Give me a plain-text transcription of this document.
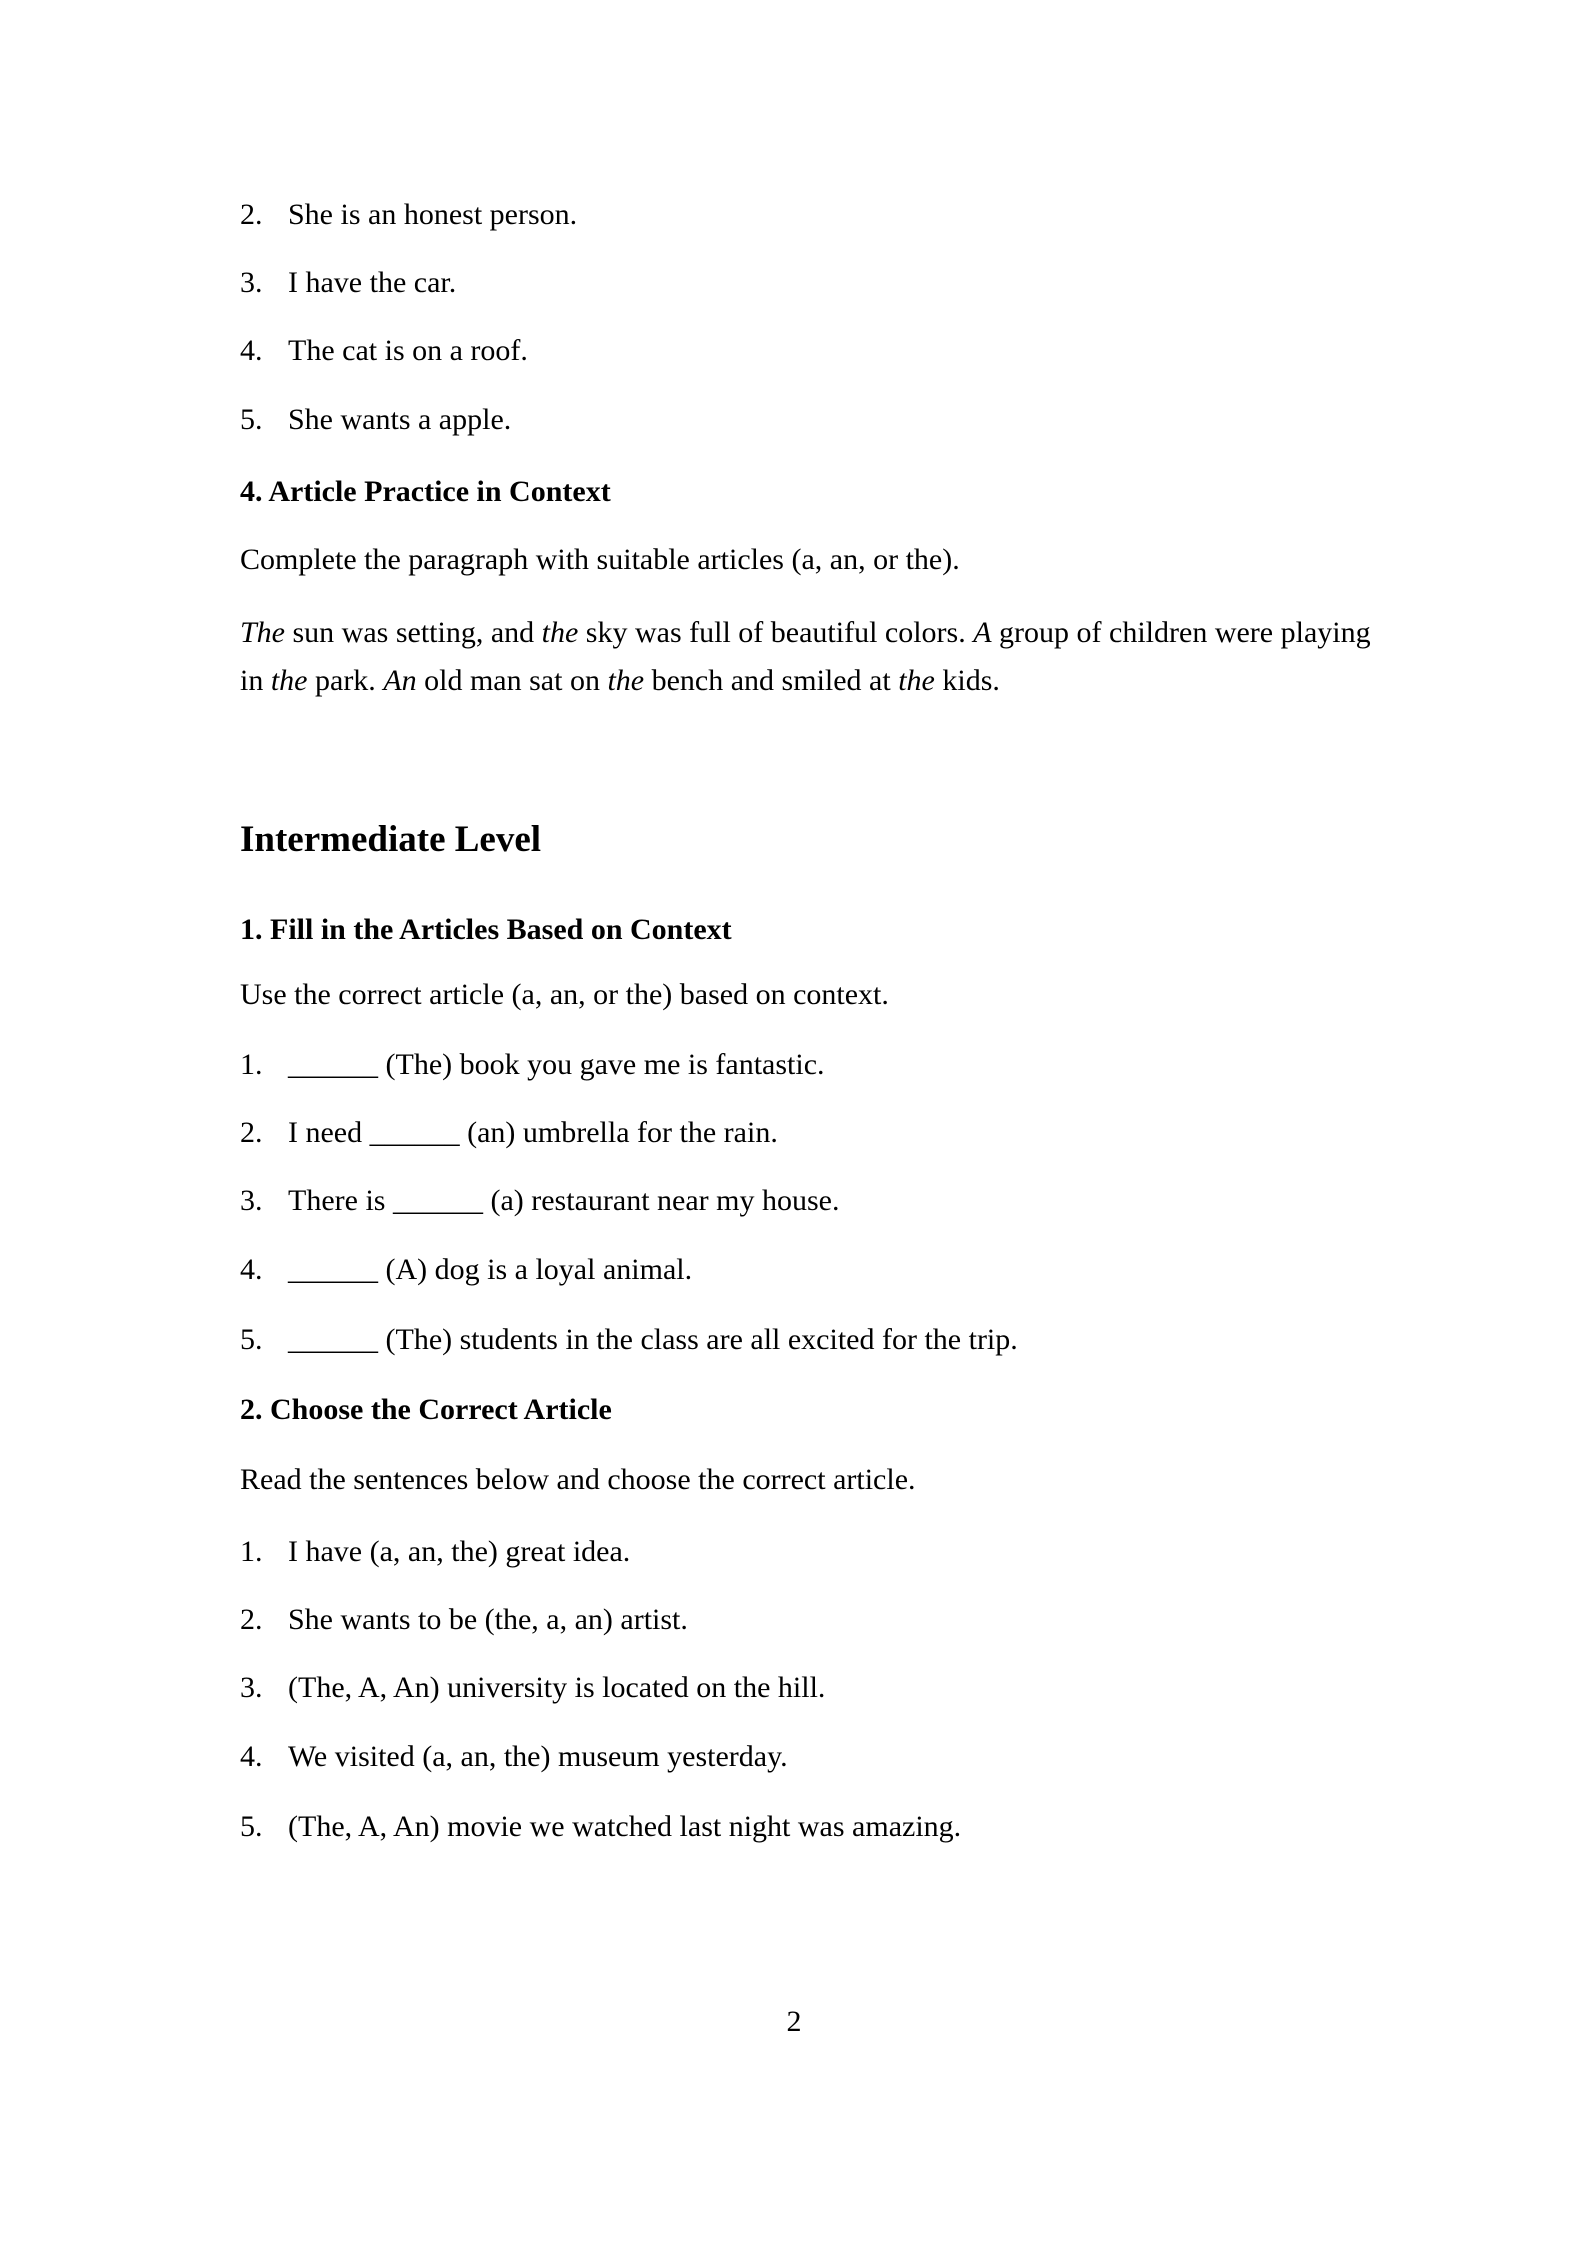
2. She is an honest person.
3. I have the car.
4. The cat is on a roof.
5. She wants a apple.
4. Article Practice in Context
Complete the paragraph with suitable articles (a, an, or the).
The sun was setting, and the sky was full of beautiful colors. A group of children were playing
in the park. An old man sat on the bench and smiled at the kids.
Intermediate Level
1. Fill in the Articles Based on Context
Use the correct article (a, an, or the) based on context.
1. ______ (The) book you gave me is fantastic.
2. I need ______ (an) umbrella for the rain.
3. There is ______ (a) restaurant near my house.
4. ______ (A) dog is a loyal animal.
5. ______ (The) students in the class are all excited for the trip.
2. Choose the Correct Article
Read the sentences below and choose the correct article.
1. I have (a, an, the) great idea.
2. She wants to be (the, a, an) artist.
3. (The, A, An) university is located on the hill.
4. We visited (a, an, the) museum yesterday.
5. (The, A, An) movie we watched last night was amazing.
2
